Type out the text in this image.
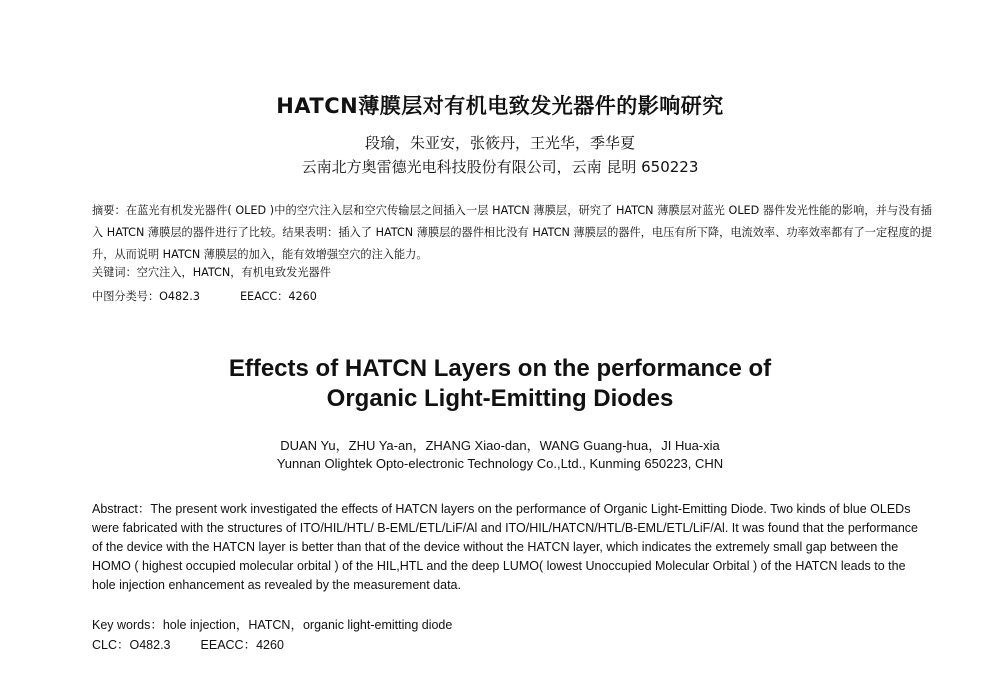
HATCN薄膜层对有机电致发光器件的影响研究
段瑜，朱亚安，张筱丹，王光华，季华夏
云南北方奥雷德光电科技股份有限公司，云南 昆明 650223
摘要：在蓝光有机发光器件( OLED )中的空穴注入层和空穴传输层之间插入一层 HATCN 薄膜层，研究了 HATCN 薄膜层对蓝光 OLED 器件发光性能的影响，并与没有插入 HATCN 薄膜层的器件进行了比较。结果表明：插入了 HATCN 薄膜层的器件相比没有 HATCN 薄膜层的器件，电压有所下降，电流效率、功率效率都有了一定程度的提升，从而说明 HATCN 薄膜层的加入，能有效增强空穴的注入能力。
关键词：空穴注入，HATCN，有机电致发光器件
中图分类号：O482.3	EEACC：4260
Effects of HATCN Layers on the performance of
Organic Light-Emitting Diodes
DUAN Yu，ZHU Ya-an，ZHANG Xiao-dan，WANG Guang-hua，JI Hua-xia
Yunnan Olightek Opto-electronic Technology Co.,Ltd., Kunming 650223, CHN
Abstract：The present work investigated the effects of HATCN layers on the performance of Organic Light-Emitting Diode. Two kinds of blue OLEDs were fabricated with the structures of ITO/HIL/HTL/ B-EML/ETL/LiF/Al and ITO/HIL/HATCN/HTL/B-EML/ETL/LiF/Al. It was found that the performance of the device with the HATCN layer is better than that of the device without the HATCN layer, which indicates the extremely small gap between the HOMO ( highest occupied molecular orbital ) of the HIL,HTL and the deep LUMO( lowest Unoccupied Molecular Orbital ) of the HATCN leads to the hole injection enhancement as revealed by the measurement data.
Key words：hole injection，HATCN，organic light-emitting diode
CLC：O482.3 EEACC：4260
